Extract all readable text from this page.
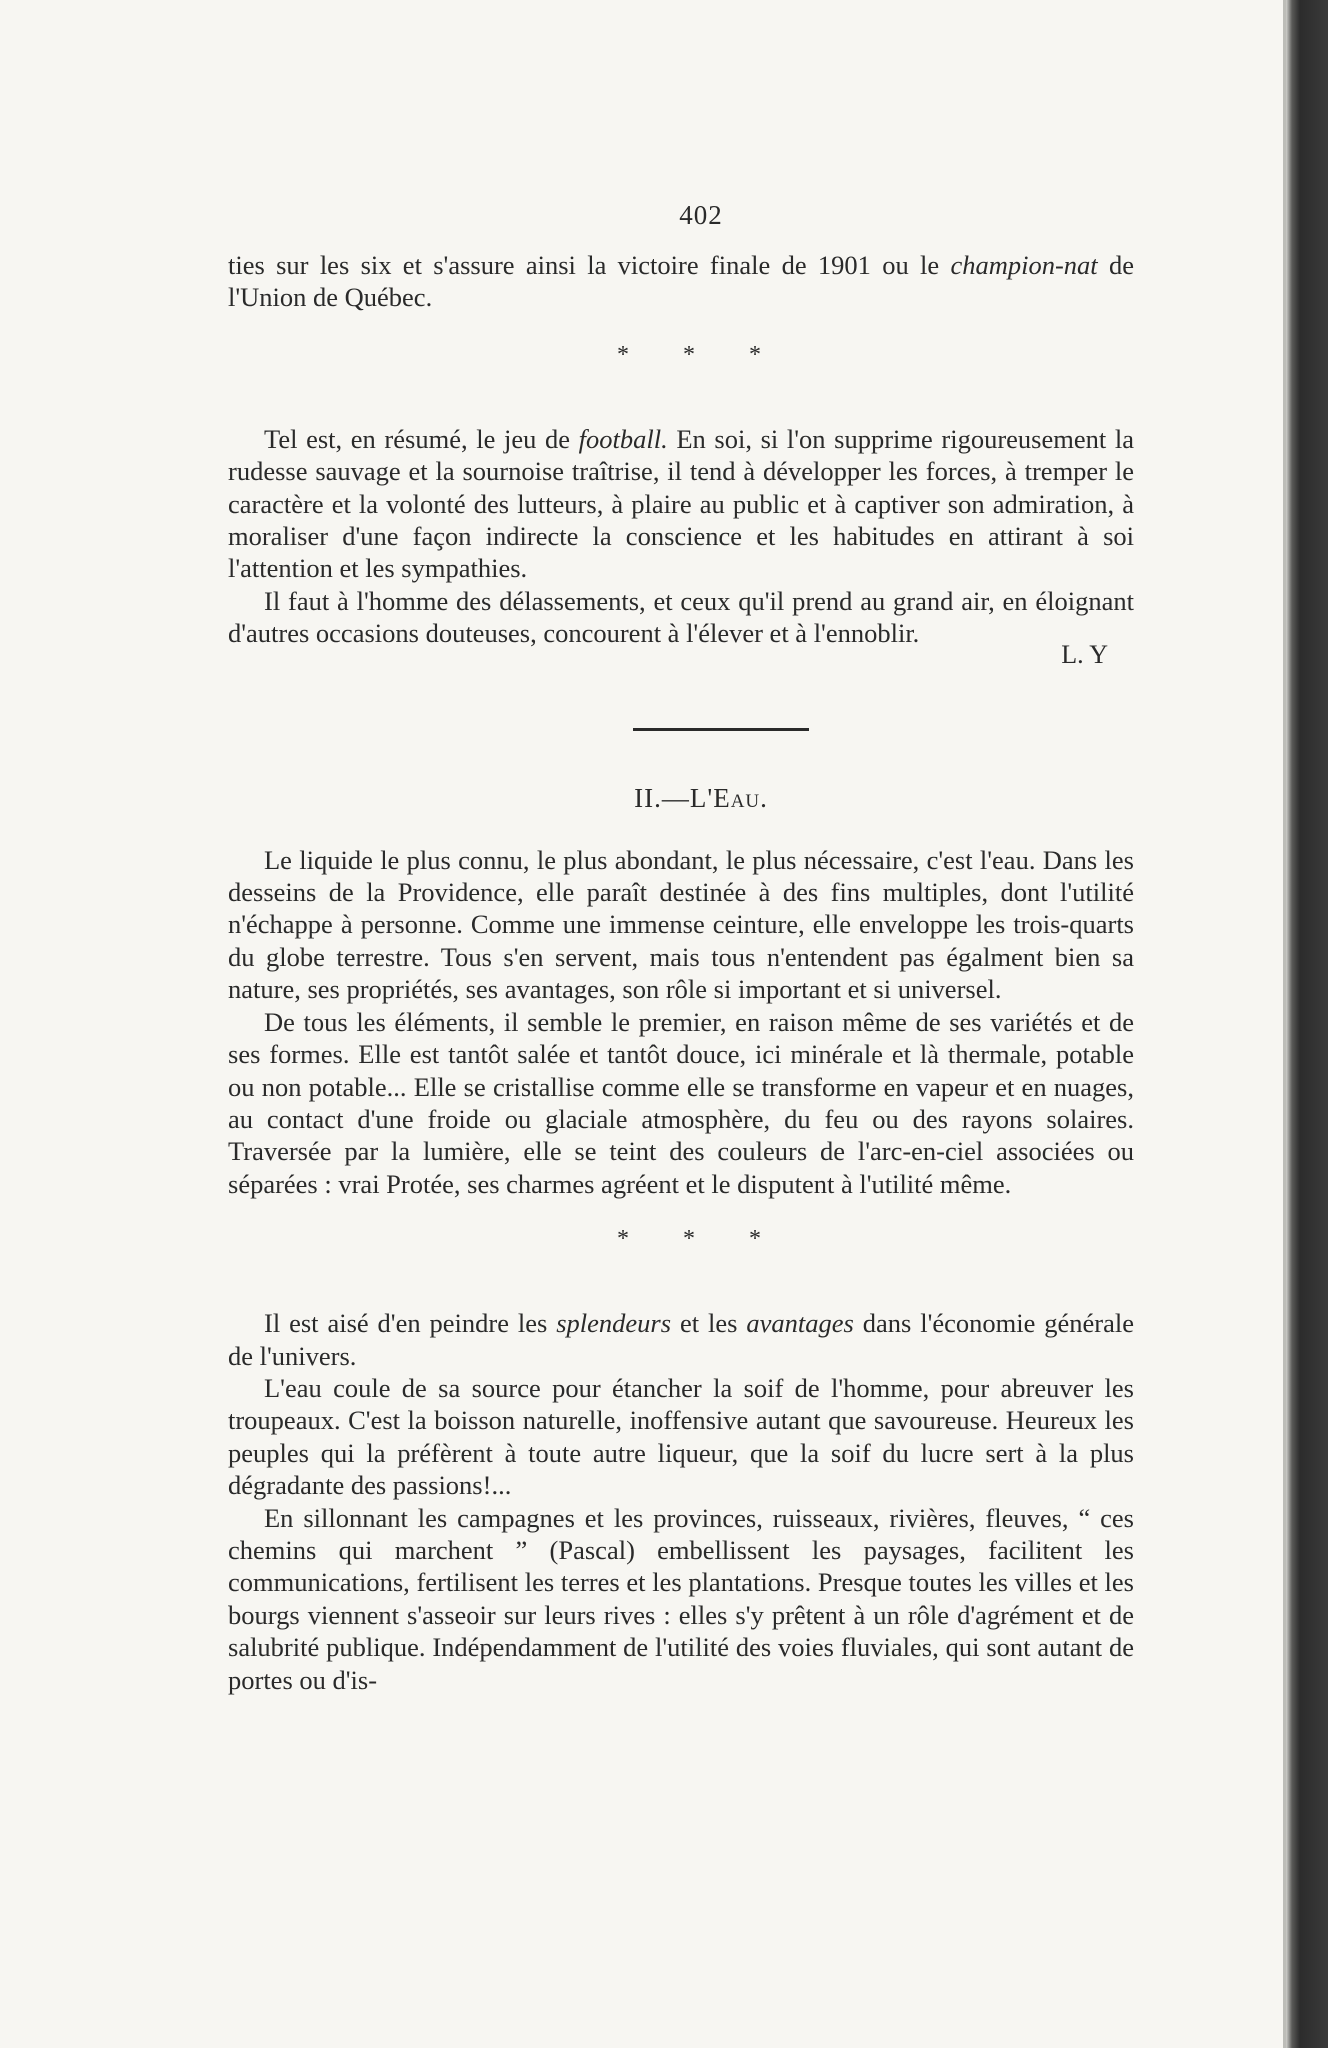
402

ties sur les six et s'assure ainsi la victoire finale de 1901 ou le champion-nat de l'Union de Québec.

* * *

Tel est, en résumé, le jeu de football. En soi, si l'on supprime rigoureusement la rudesse sauvage et la sournoise traîtrise, il tend à développer les forces, à tremper le caractère et la volonté des lutteurs, à plaire au public et à captiver son admiration, à moraliser d'une façon indirecte la conscience et les habitudes en attirant à soi l'attention et les sympathies.

Il faut à l'homme des délassements, et ceux qu'il prend au grand air, en éloignant d'autres occasions douteuses, concourent à l'élever et à l'ennoblir.

L. Y
II.—L'Eau.

Le liquide le plus connu, le plus abondant, le plus nécessaire, c'est l'eau. Dans les desseins de la Providence, elle paraît destinée à des fins multiples, dont l'utilité n'échappe à personne. Comme une immense ceinture, elle enveloppe les trois-quarts du globe terrestre. Tous s'en servent, mais tous n'entendent pas égalment bien sa nature, ses propriétés, ses avantages, son rôle si important et si universel.

De tous les éléments, il semble le premier, en raison même de ses variétés et de ses formes. Elle est tantôt salée et tantôt douce, ici minérale et là thermale, potable ou non potable... Elle se cristallise comme elle se transforme en vapeur et en nuages, au contact d'une froide ou glaciale atmosphère, du feu ou des rayons solaires. Traversée par la lumière, elle se teint des couleurs de l'arc-en-ciel associées ou séparées : vrai Protée, ses charmes agréent et le disputent à l'utilité même.

* * *

Il est aisé d'en peindre les splendeurs et les avantages dans l'économie générale de l'univers.

L'eau coule de sa source pour étancher la soif de l'homme, pour abreuver les troupeaux. C'est la boisson naturelle, inoffensive autant que savoureuse. Heureux les peuples qui la préfèrent à toute autre liqueur, que la soif du lucre sert à la plus dégradante des passions!...

En sillonnant les campagnes et les provinces, ruisseaux, rivières, fleuves, “ ces chemins qui marchent ” (Pascal) embellissent les paysages, facilitent les communications, fertilisent les terres et les plantations. Presque toutes les villes et les bourgs viennent s'asseoir sur leurs rives : elles s'y prêtent à un rôle d'agrément et de salubrité publique. Indépendamment de l'utilité des voies fluviales, qui sont autant de portes ou d'is-
